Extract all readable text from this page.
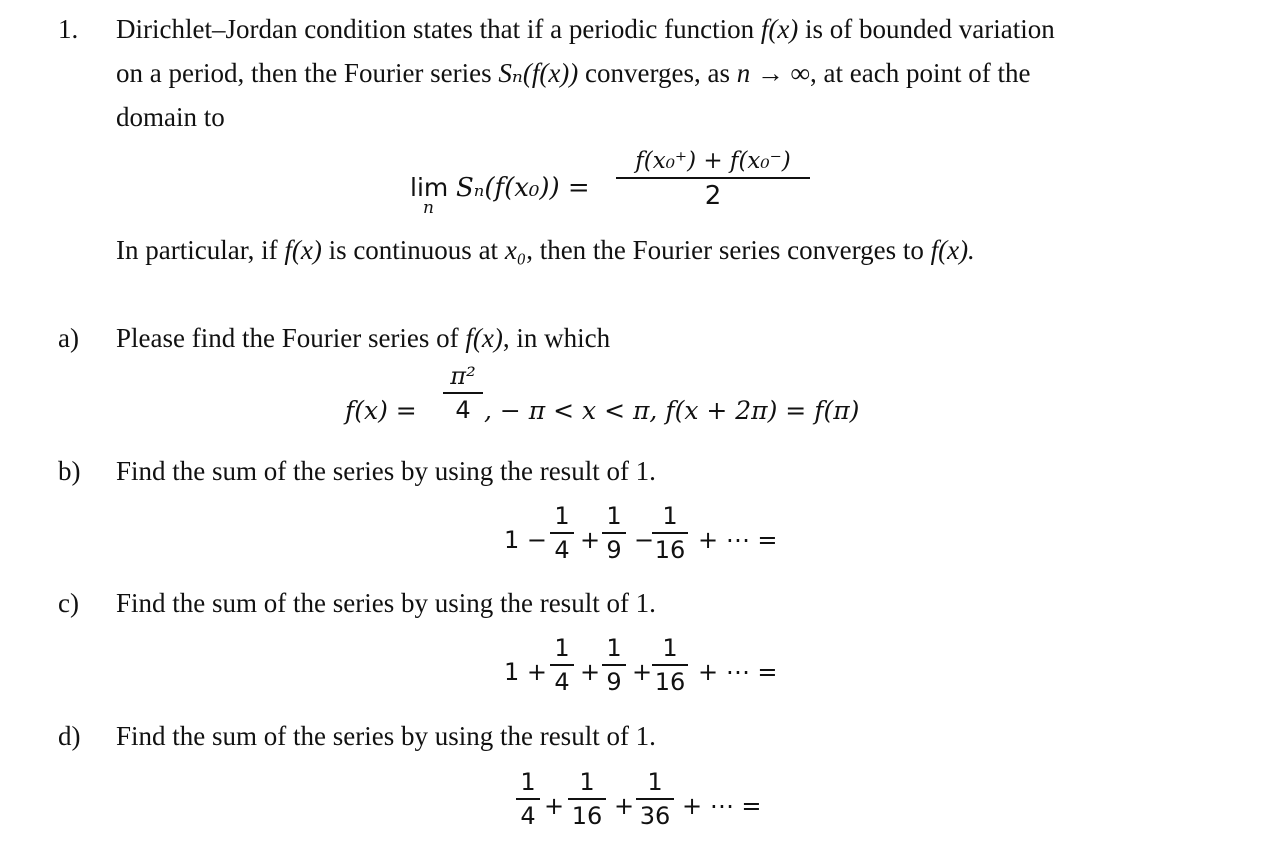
1. Dirichlet–Jordan condition states that if a periodic function f(x) is of bounded variation
on a period, then the Fourier series Sₙ(f(x)) converges, as n → ∞, at each point of the
domain to
lim
n
Sₙ(f(x₀)) =
f(x₀⁺) + f(x₀⁻)
2
In particular, if f(x) is continuous at x₀, then the Fourier series converges to f(x).
a) Please find the Fourier series of f(x), in which
f(x) =
π²
4 , − π < x < π, f(x + 2π) = f(π)
b) Find the sum of the series by using the result of 1.
1 −
1
4 +
1
9 −
1
16 + ⋯ =
c) Find the sum of the series by using the result of 1.
1 +
1
4 +
1
9 +
1
16 + ⋯ =
d) Find the sum of the series by using the result of 1.
1
4 +
1
16 +
1
36 + ⋯ =
